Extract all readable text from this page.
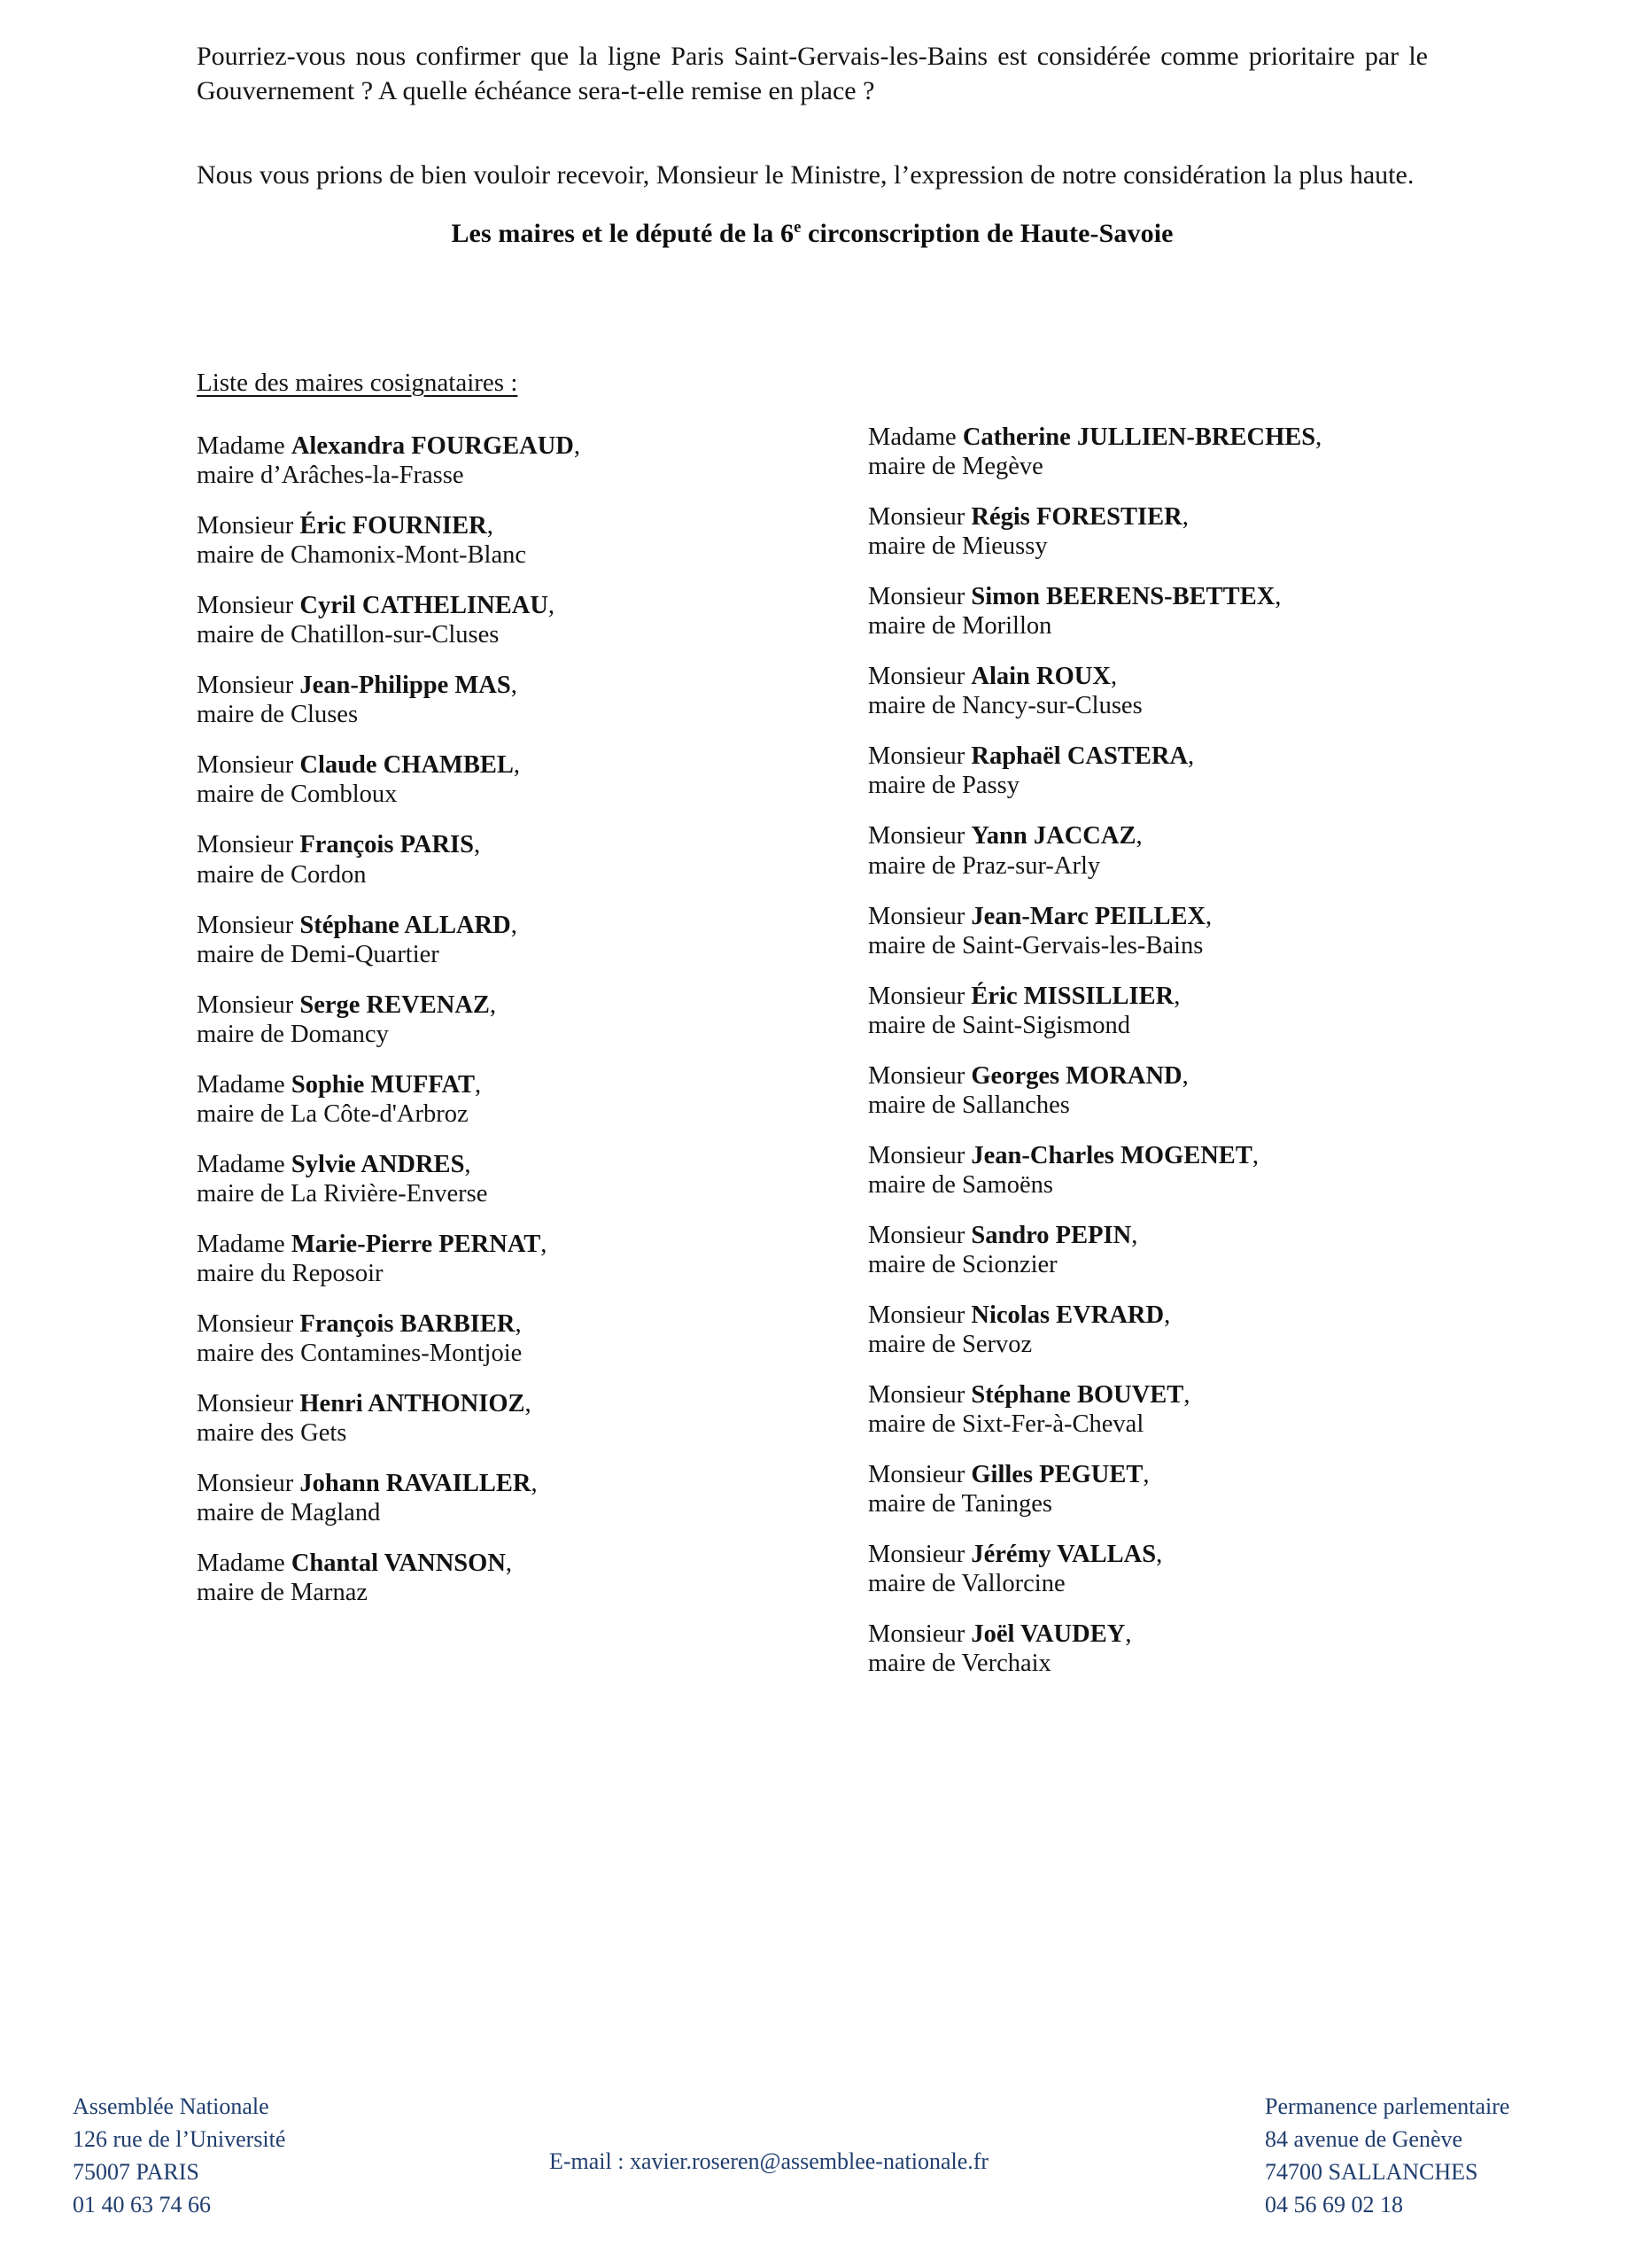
Pourriez-vous nous confirmer que la ligne Paris Saint-Gervais-les-Bains est considérée comme prioritaire par le Gouvernement ? A quelle échéance sera-t-elle remise en place ?

Nous vous prions de bien vouloir recevoir, Monsieur le Ministre, l’expression de notre considération la plus haute.

Les maires et le député de la 6e circonscription de Haute-Savoie
Liste des maires cosignataires :
Madame Alexandra FOURGEAUD,
maire d’Arâches-la-Frasse
Monsieur Éric FOURNIER,
maire de Chamonix-Mont-Blanc
Monsieur Cyril CATHELINEAU,
maire de Chatillon-sur-Cluses
Monsieur Jean-Philippe MAS,
maire de Cluses
Monsieur Claude CHAMBEL,
maire de Combloux
Monsieur François PARIS,
maire de Cordon
Monsieur Stéphane ALLARD,
maire de Demi-Quartier
Monsieur Serge REVENAZ,
maire de Domancy
Madame Sophie MUFFAT,
maire de La Côte-d'Arbroz
Madame Sylvie ANDRES,
maire de La Rivière-Enverse
Madame Marie-Pierre PERNAT,
maire du Reposoir
Monsieur François BARBIER,
maire des Contamines-Montjoie
Monsieur Henri ANTHONIOZ,
maire des Gets
Monsieur Johann RAVAILLER,
maire de Magland
Madame Chantal VANNSON,
maire de Marnaz
Madame Catherine JULLIEN-BRECHES,
maire de Megève
Monsieur Régis FORESTIER,
maire de Mieussy
Monsieur Simon BEERENS-BETTEX,
maire de Morillon
Monsieur Alain ROUX,
maire de Nancy-sur-Cluses
Monsieur Raphaël CASTERA,
maire de Passy
Monsieur Yann JACCAZ,
maire de Praz-sur-Arly
Monsieur Jean-Marc PEILLEX,
maire de Saint-Gervais-les-Bains
Monsieur Éric MISSILLIER,
maire de Saint-Sigismond
Monsieur Georges MORAND,
maire de Sallanches
Monsieur Jean-Charles MOGENET,
maire de Samoëns
Monsieur Sandro PEPIN,
maire de Scionzier
Monsieur Nicolas EVRARD,
maire de Servoz
Monsieur Stéphane BOUVET,
maire de Sixt-Fer-à-Cheval
Monsieur Gilles PEGUET,
maire de Taninges
Monsieur Jérémy VALLAS,
maire de Vallorcine
Monsieur Joël VAUDEY,
maire de Verchaix
Assemblée Nationale
126 rue de l’Université
75007 PARIS
01 40 63 74 66
E-mail : xavier.roseren@assemblee-nationale.fr
Permanence parlementaire
84 avenue de Genève
74700 SALLANCHES
04 56 69 02 18
